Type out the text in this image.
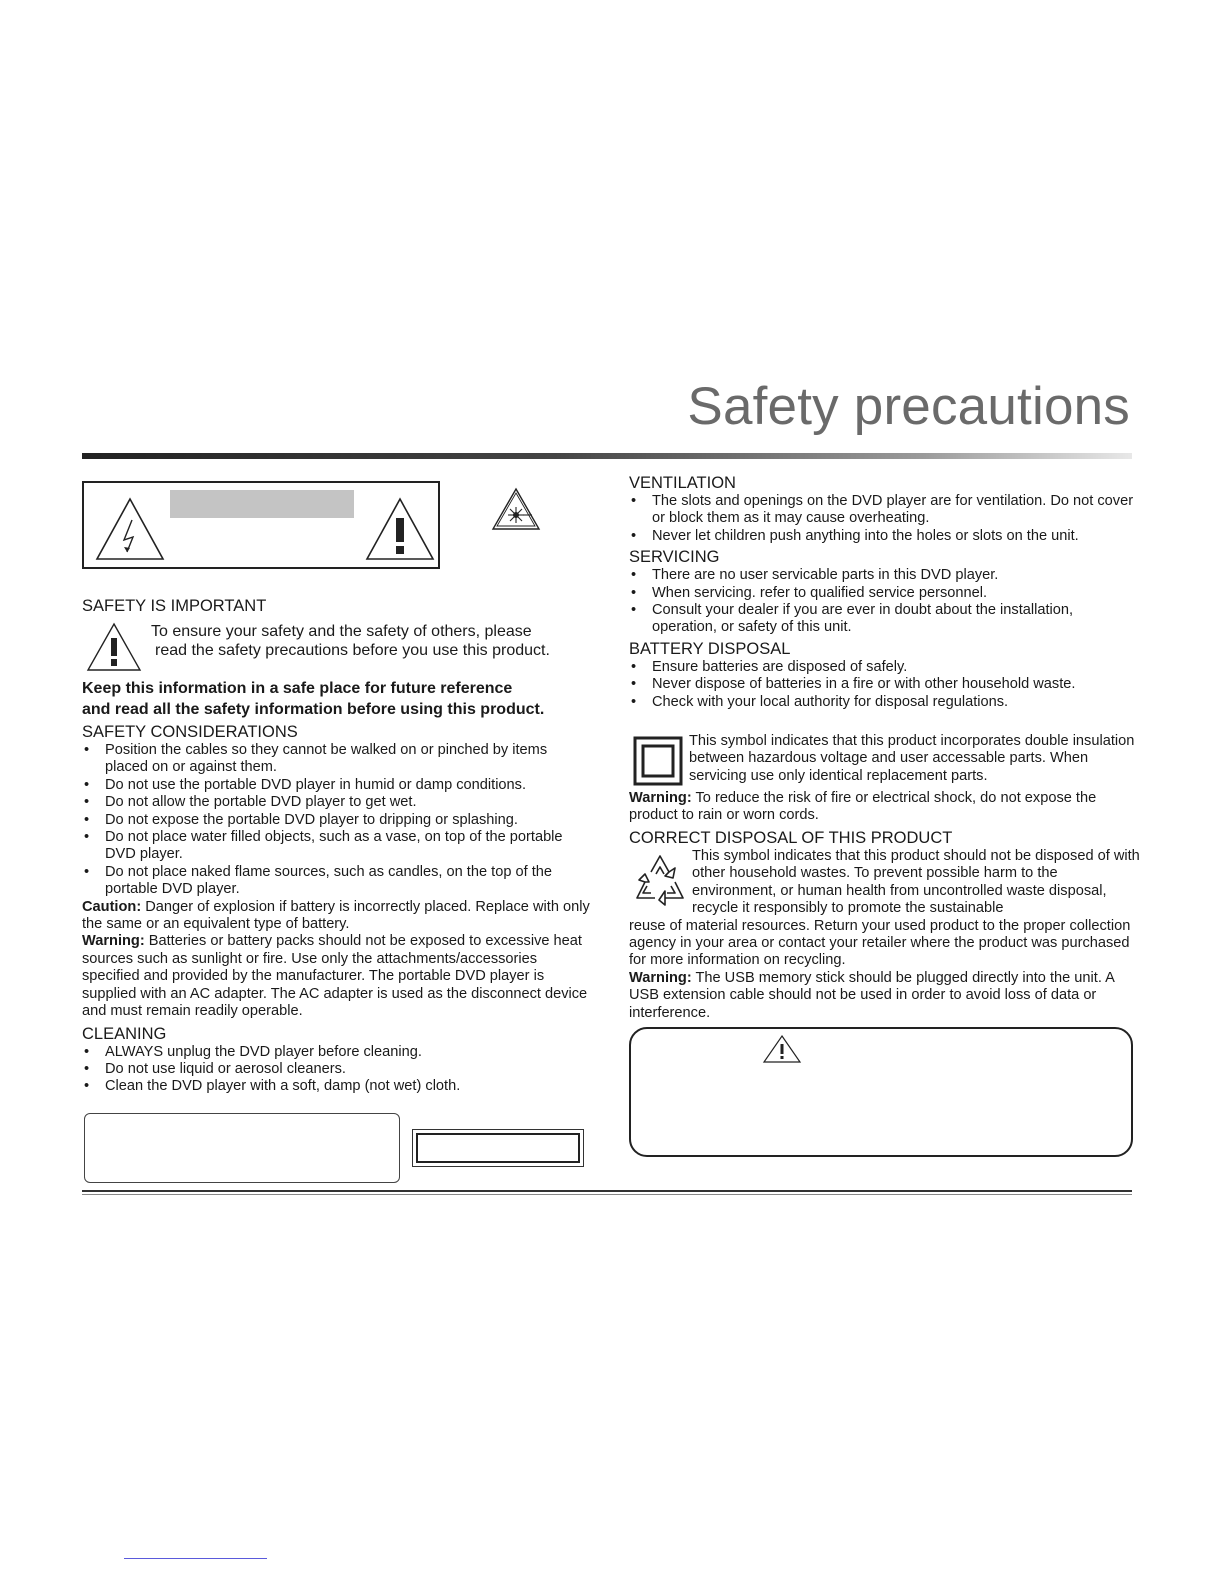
Safety precautions
SAFETY IS IMPORTANT
To ensure your safety and the safety of others, please
read the safety precautions before you use this product.
Keep this information in a safe place for future reference
and read all the safety information before using this product.
SAFETY CONSIDERATIONS
• Position the cables so they cannot be walked on or pinched by items placed on or against them.
• Do not use the portable DVD player in humid or damp conditions.
• Do not allow the portable DVD player to get wet.
• Do not expose the portable DVD player to dripping or splashing.
• Do not place water filled objects, such as a vase, on top of the portable DVD player.
• Do not place naked flame sources, such as candles, on the top of the portable DVD player.

Caution: Danger of explosion if battery is incorrectly placed. Replace with only the same or an equivalent type of battery.

Warning: Batteries or battery packs should not be exposed to excessive heat sources such as sunlight or fire. Use only the attachments/accessories specified and provided by the manufacturer. The portable DVD player is supplied with an AC adapter. The AC adapter is used as the disconnect device and must remain readily operable.

CLEANING
• ALWAYS unplug the DVD player before cleaning.
• Do not use liquid or aerosol cleaners.
• Clean the DVD player with a soft, damp (not wet) cloth.
VENTILATION
• The slots and openings on the DVD player are for ventilation. Do not cover or block them as it may cause overheating.
• Never let children push anything into the holes or slots on the unit.
SERVICING
• There are no user servicable parts in this DVD player.
• When servicing. refer to qualified service personnel.
• Consult your dealer if you are ever in doubt about the installation, operation, or safety of this unit.
BATTERY DISPOSAL
• Ensure batteries are disposed of safely.
• Never dispose of batteries in a fire or with other household waste.
• Check with your local authority for disposal regulations.
This symbol indicates that this product incorporates double insulation between hazardous voltage and user accessable parts. When servicing use only identical replacement parts.

Warning: To reduce the risk of fire or electrical shock, do not expose the product to rain or worn cords.

CORRECT DISPOSAL OF THIS PRODUCT
This symbol indicates that this product should not be disposed of with other household wastes. To prevent possible harm to the environment, or human health from uncontrolled waste disposal, recycle it responsibly to promote the sustainable

reuse of material resources. Return your used product to the proper collection agency in your area or contact your retailer where the product was purchased for more information on recycling.

Warning: The USB memory stick should be plugged directly into the unit. A USB extension cable should not be used in order to avoid loss of data or interference.
